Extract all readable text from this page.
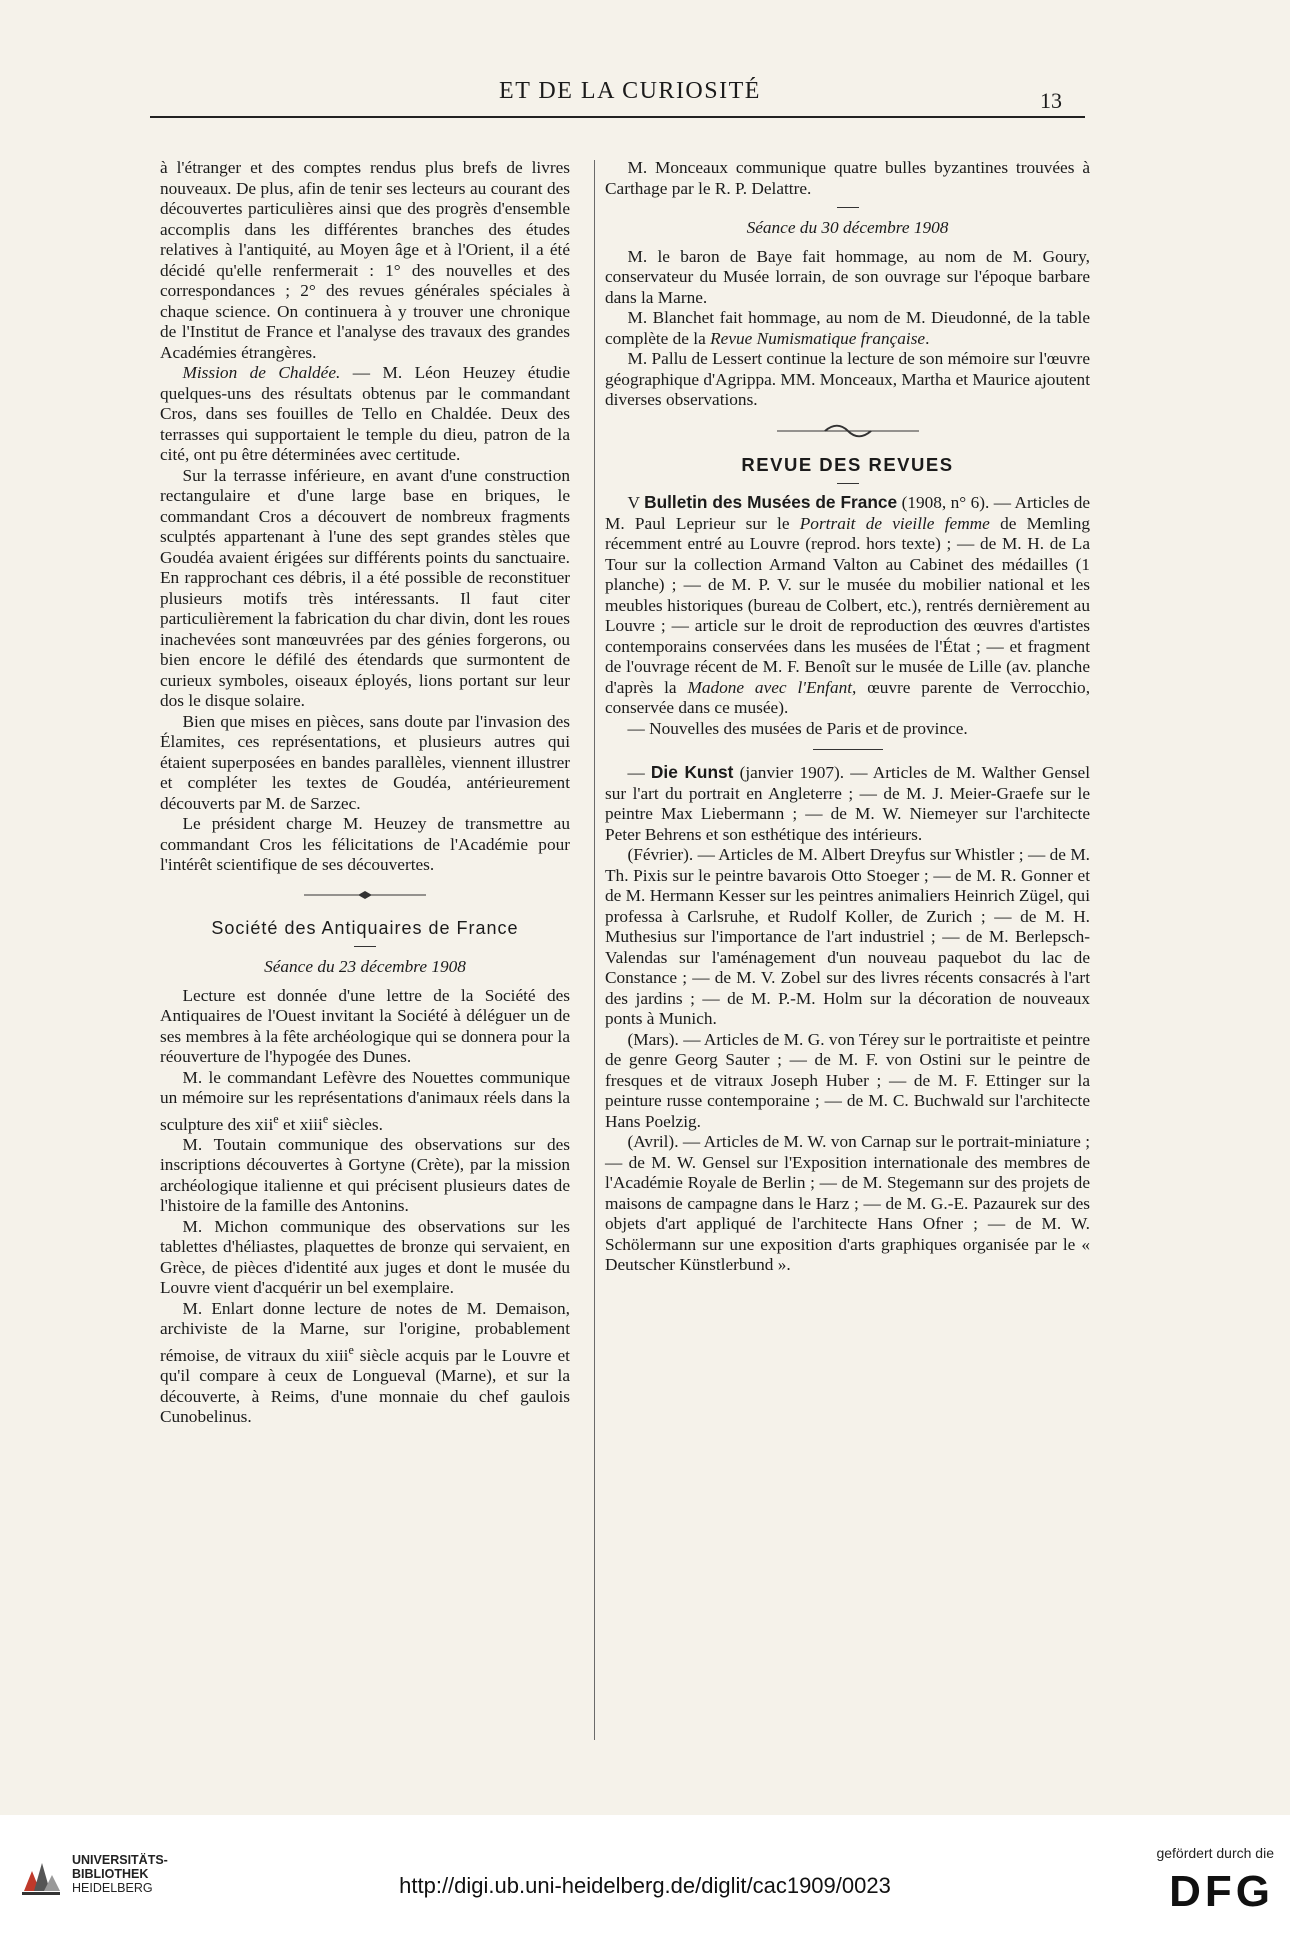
ET DE LA CURIOSITÉ	13

à l'étranger et des comptes rendus plus brefs de livres nouveaux. De plus, afin de tenir ses lecteurs au courant des découvertes particulières ainsi que des progrès d'ensemble accomplis dans les différentes branches des études relatives à l'antiquité, au Moyen âge et à l'Orient, il a été décidé qu'elle renfermerait : 1° des nouvelles et des correspondances ; 2° des revues générales spéciales à chaque science. On continuera à y trouver une chronique de l'Institut de France et l'analyse des travaux des grandes Académies étrangères.

Mission de Chaldée. — M. Léon Heuzey étudie quelques-uns des résultats obtenus par le commandant Cros, dans ses fouilles de Tello en Chaldée. Deux des terrasses qui supportaient le temple du dieu, patron de la cité, ont pu être déterminées avec certitude.

Sur la terrasse inférieure, en avant d'une construction rectangulaire et d'une large base en briques, le commandant Cros a découvert de nombreux fragments sculptés appartenant à l'une des sept grandes stèles que Goudéa avaient érigées sur différents points du sanctuaire. En rapprochant ces débris, il a été possible de reconstituer plusieurs motifs très intéressants. Il faut citer particulièrement la fabrication du char divin, dont les roues inachevées sont manœuvrées par des génies forgerons, ou bien encore le défilé des étendards que surmontent de curieux symboles, oiseaux éployés, lions portant sur leur dos le disque solaire.

Bien que mises en pièces, sans doute par l'invasion des Élamites, ces représentations, et plusieurs autres qui étaient superposées en bandes parallèles, viennent illustrer et compléter les textes de Goudéa, antérieurement découverts par M. de Sarzec.

Le président charge M. Heuzey de transmettre au commandant Cros les félicitations de l'Académie pour l'intérêt scientifique de ses découvertes.

Société des Antiquaires de France
Séance du 23 décembre 1908

Lecture est donnée d'une lettre de la Société des Antiquaires de l'Ouest invitant la Société à déléguer un de ses membres à la fête archéologique qui se donnera pour la réouverture de l'hypogée des Dunes.

M. le commandant Lefèvre des Nouettes communique un mémoire sur les représentations d'animaux réels dans la sculpture des xii$^e$ et xiii$^e$ siècles.

M. Toutain communique des observations sur des inscriptions découvertes à Gortyne (Crète), par la mission archéologique italienne et qui précisent plusieurs dates de l'histoire de la famille des Antonins.

M. Michon communique des observations sur les tablettes d'héliastes, plaquettes de bronze qui servaient, en Grèce, de pièces d'identité aux juges et dont le musée du Louvre vient d'acquérir un bel exemplaire.

M. Enlart donne lecture de notes de M. Demaison, archiviste de la Marne, sur l'origine, probablement rémoise, de vitraux du xiii$^e$ siècle acquis par le Louvre et qu'il compare à ceux de Longueval (Marne), et sur la découverte, à Reims, d'une monnaie du chef gaulois Cunobelinus.

M. Monceaux communique quatre bulles byzantines trouvées à Carthage par le R. P. Delattre.

Séance du 30 décembre 1908

M. le baron de Baye fait hommage, au nom de M. Goury, conservateur du Musée lorrain, de son ouvrage sur l'époque barbare dans la Marne.

M. Blanchet fait hommage, au nom de M. Dieudonné, de la table complète de la Revue Numismatique française.

M. Pallu de Lessert continue la lecture de son mémoire sur l'œuvre géographique d'Agrippa. MM. Monceaux, Martha et Maurice ajoutent diverses observations.

REVUE DES REVUES

V Bulletin des Musées de France (1908, n° 6). — Articles de M. Paul Leprieur sur le Portrait de vieille femme de Memling récemment entré au Louvre (reprod. hors texte) ; — de M. H. de La Tour sur la collection Armand Valton au Cabinet des médailles (1 planche) ; — de M. P. V. sur le musée du mobilier national et les meubles historiques (bureau de Colbert, etc.), rentrés dernièrement au Louvre ; — article sur le droit de reproduction des œuvres d'artistes contemporains conservées dans les musées de l'État ; — et fragment de l'ouvrage récent de M. F. Benoît sur le musée de Lille (av. planche d'après la Madone avec l'Enfant, œuvre parente de Verrocchio, conservée dans ce musée).

— Nouvelles des musées de Paris et de province.

— Die Kunst (janvier 1907). — Articles de M. Walther Gensel sur l'art du portrait en Angleterre ; — de M. J. Meier-Graefe sur le peintre Max Liebermann ; — de M. W. Niemeyer sur l'architecte Peter Behrens et son esthétique des intérieurs.

(Février). — Articles de M. Albert Dreyfus sur Whistler ; — de M. Th. Pixis sur le peintre bavarois Otto Stoeger ; — de M. R. Gonner et de M. Hermann Kesser sur les peintres animaliers Heinrich Zügel, qui professa à Carlsruhe, et Rudolf Koller, de Zurich ; — de M. H. Muthesius sur l'importance de l'art industriel ; — de M. Berlepsch-Valendas sur l'aménagement d'un nouveau paquebot du lac de Constance ; — de M. V. Zobel sur des livres récents consacrés à l'art des jardins ; — de M. P.-M. Holm sur la décoration de nouveaux ponts à Munich.

(Mars). — Articles de M. G. von Térey sur le portraitiste et peintre de genre Georg Sauter ; — de M. F. von Ostini sur le peintre de fresques et de vitraux Joseph Huber ; — de M. F. Ettinger sur la peinture russe contemporaine ; — de M. C. Buchwald sur l'architecte Hans Poelzig.

(Avril). — Articles de M. W. von Carnap sur le portrait-miniature ; — de M. W. Gensel sur l'Exposition internationale des membres de l'Académie Royale de Berlin ; — de M. Stegemann sur des projets de maisons de campagne dans le Harz ; — de M. G.-E. Pazaurek sur des objets d'art appliqué de l'architecte Hans Ofner ; — de M. W. Schölermann sur une exposition d'arts graphiques organisée par le « Deutscher Künstlerbund ».

UNIVERSITÄTS-
BIBLIOTHEK
HEIDELBERG	http://digi.ub.uni-heidelberg.de/diglit/cac1909/0023
gefördert durch die
DFG
